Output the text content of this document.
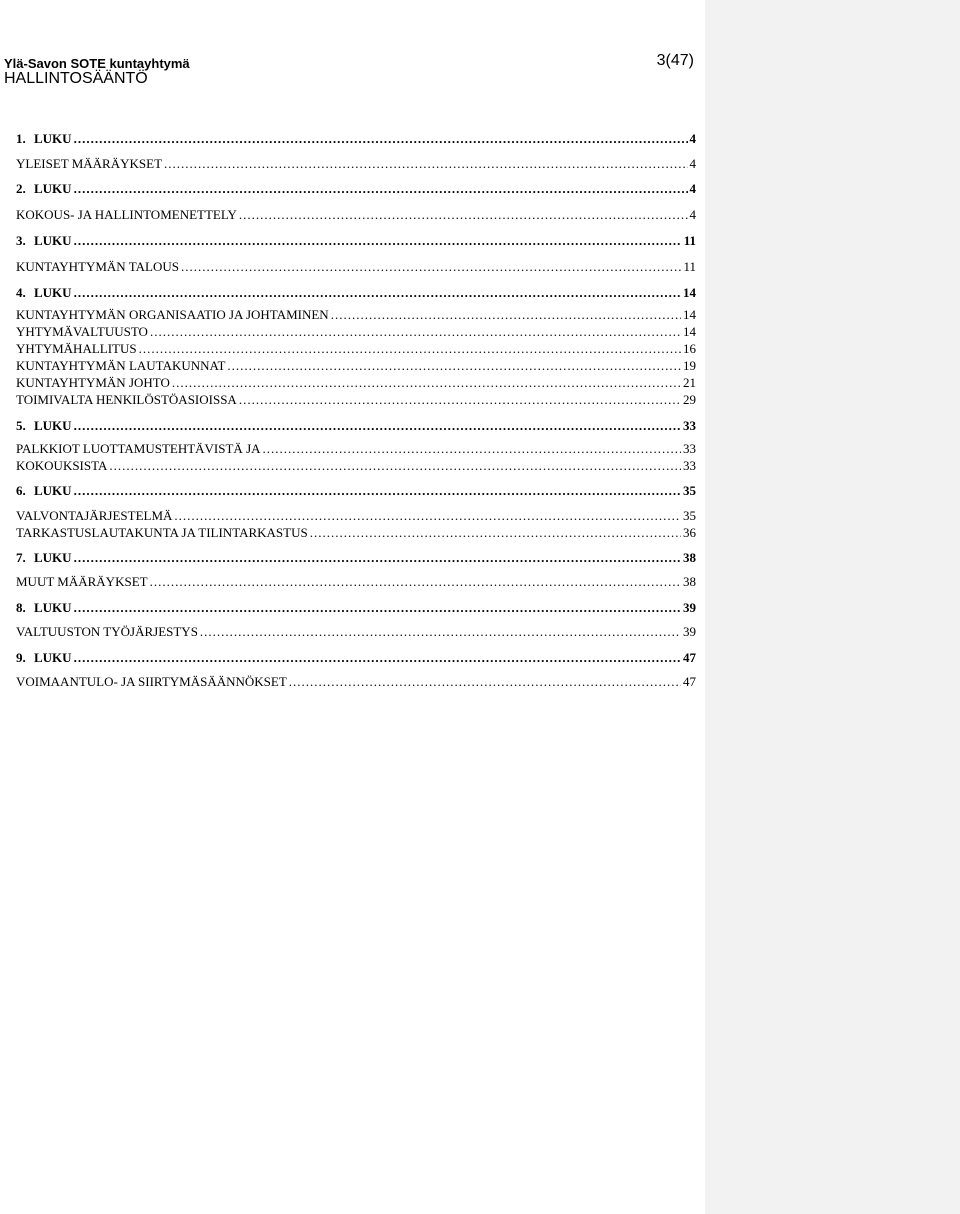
Ylä-Savon SOTE kuntayhtymä	3(47)
HALLINTOSÄÄNTÖ
1. LUKU .....	4
YLEISET MÄÄRÄYKSET .....	4
2. LUKU .....	4
KOKOUS- JA HALLINTOMENETTELY .....	4
3. LUKU .....	11
KUNTAYHTYMÄN TALOUS .....	11
4. LUKU .....	14
KUNTAYHTYMÄN ORGANISAATIO JA JOHTAMINEN .....	14
YHTYMÄVALTUUSTO .....	14
YHTYMÄHALLITUS .....	16
KUNTAYHTYMÄN LAUTAKUNNAT .....	19
KUNTAYHTYMÄN JOHTO .....	21
TOIMIVALTA HENKILÖSTÖASIOISSA .....	29
5. LUKU .....	33
PALKKIOT LUOTTAMUSTEHTÄVISTÄ JA .....	33
KOKOUKSISTA .....	33
6. LUKU .....	35
VALVONTAJÄRJESTELMÄ .....	35
TARKASTUSLAUTAKUNTA JA TILINTARKASTUS .....	36
7. LUKU .....	38
MUUT MÄÄRÄYKSET .....	38
8. LUKU .....	39
VALTUUSTON TYÖJÄRJESTYS .....	39
9. LUKU .....	47
VOIMAANTULO- JA SIIRTYMÄSÄÄNNÖKSET .....	47
